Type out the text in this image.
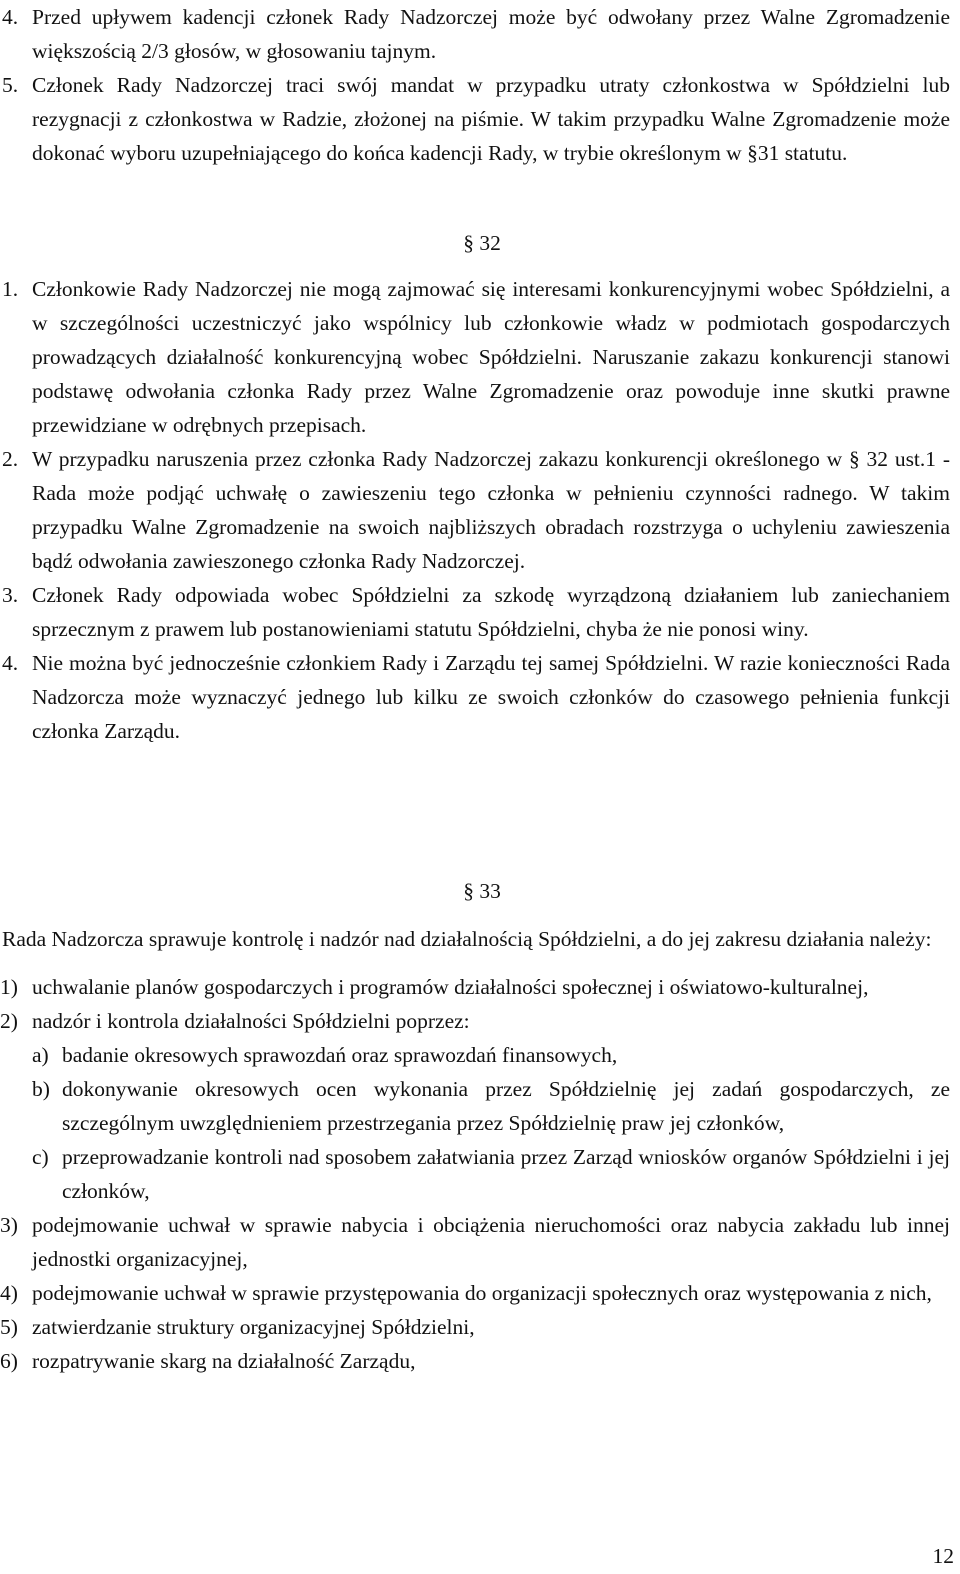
4. Przed upływem kadencji członek Rady Nadzorczej może być odwołany przez Walne Zgromadzenie większością 2/3 głosów, w głosowaniu tajnym.
5. Członek Rady Nadzorczej traci swój mandat w przypadku utraty członkostwa w Spółdzielni lub rezygnacji z członkostwa w Radzie, złożonej na piśmie. W takim przypadku Walne Zgromadzenie może dokonać wyboru uzupełniającego do końca kadencji Rady, w trybie określonym w §31 statutu.
§ 32
1. Członkowie Rady Nadzorczej nie mogą zajmować się interesami konkurencyjnymi wobec Spółdzielni, a w szczególności uczestniczyć jako wspólnicy lub członkowie władz w podmiotach gospodarczych prowadzących działalność konkurencyjną wobec Spółdzielni. Naruszanie zakazu konkurencji stanowi podstawę odwołania członka Rady przez Walne Zgromadzenie oraz powoduje inne skutki prawne przewidziane w odrębnych przepisach.
2. W przypadku naruszenia przez członka Rady Nadzorczej zakazu konkurencji określonego w § 32 ust.1 - Rada może podjąć uchwałę o zawieszeniu tego członka w pełnieniu czynności radnego. W takim przypadku Walne Zgromadzenie na swoich najbliższych obradach rozstrzyga o uchyleniu zawieszenia bądź odwołania zawieszonego członka Rady Nadzorczej.
3. Członek Rady odpowiada wobec Spółdzielni za szkodę wyrządzoną działaniem lub zaniechaniem sprzecznym z prawem lub postanowieniami statutu Spółdzielni, chyba że nie ponosi winy.
4. Nie można być jednocześnie członkiem Rady i Zarządu tej samej Spółdzielni. W razie konieczności Rada Nadzorcza może wyznaczyć jednego lub kilku ze swoich członków do czasowego pełnienia funkcji członka Zarządu.
§ 33
Rada Nadzorcza sprawuje kontrolę i nadzór nad działalnością Spółdzielni, a do jej zakresu działania należy:
1) uchwalanie planów gospodarczych i programów działalności społecznej i oświatowo-kulturalnej,
2) nadzór i kontrola działalności Spółdzielni poprzez:
a) badanie okresowych sprawozdań oraz sprawozdań finansowych,
b) dokonywanie okresowych ocen wykonania przez Spółdzielnię jej zadań gospodarczych, ze szczególnym uwzględnieniem przestrzegania przez Spółdzielnię praw jej członków,
c) przeprowadzanie kontroli nad sposobem załatwiania przez Zarząd wniosków organów Spółdzielni i jej członków,
3) podejmowanie uchwał w sprawie nabycia i obciążenia nieruchomości oraz nabycia zakładu lub innej jednostki organizacyjnej,
4) podejmowanie uchwał w sprawie przystępowania do organizacji społecznych oraz występowania z nich,
5) zatwierdzanie struktury organizacyjnej Spółdzielni,
6) rozpatrywanie skarg na działalność Zarządu,
12
